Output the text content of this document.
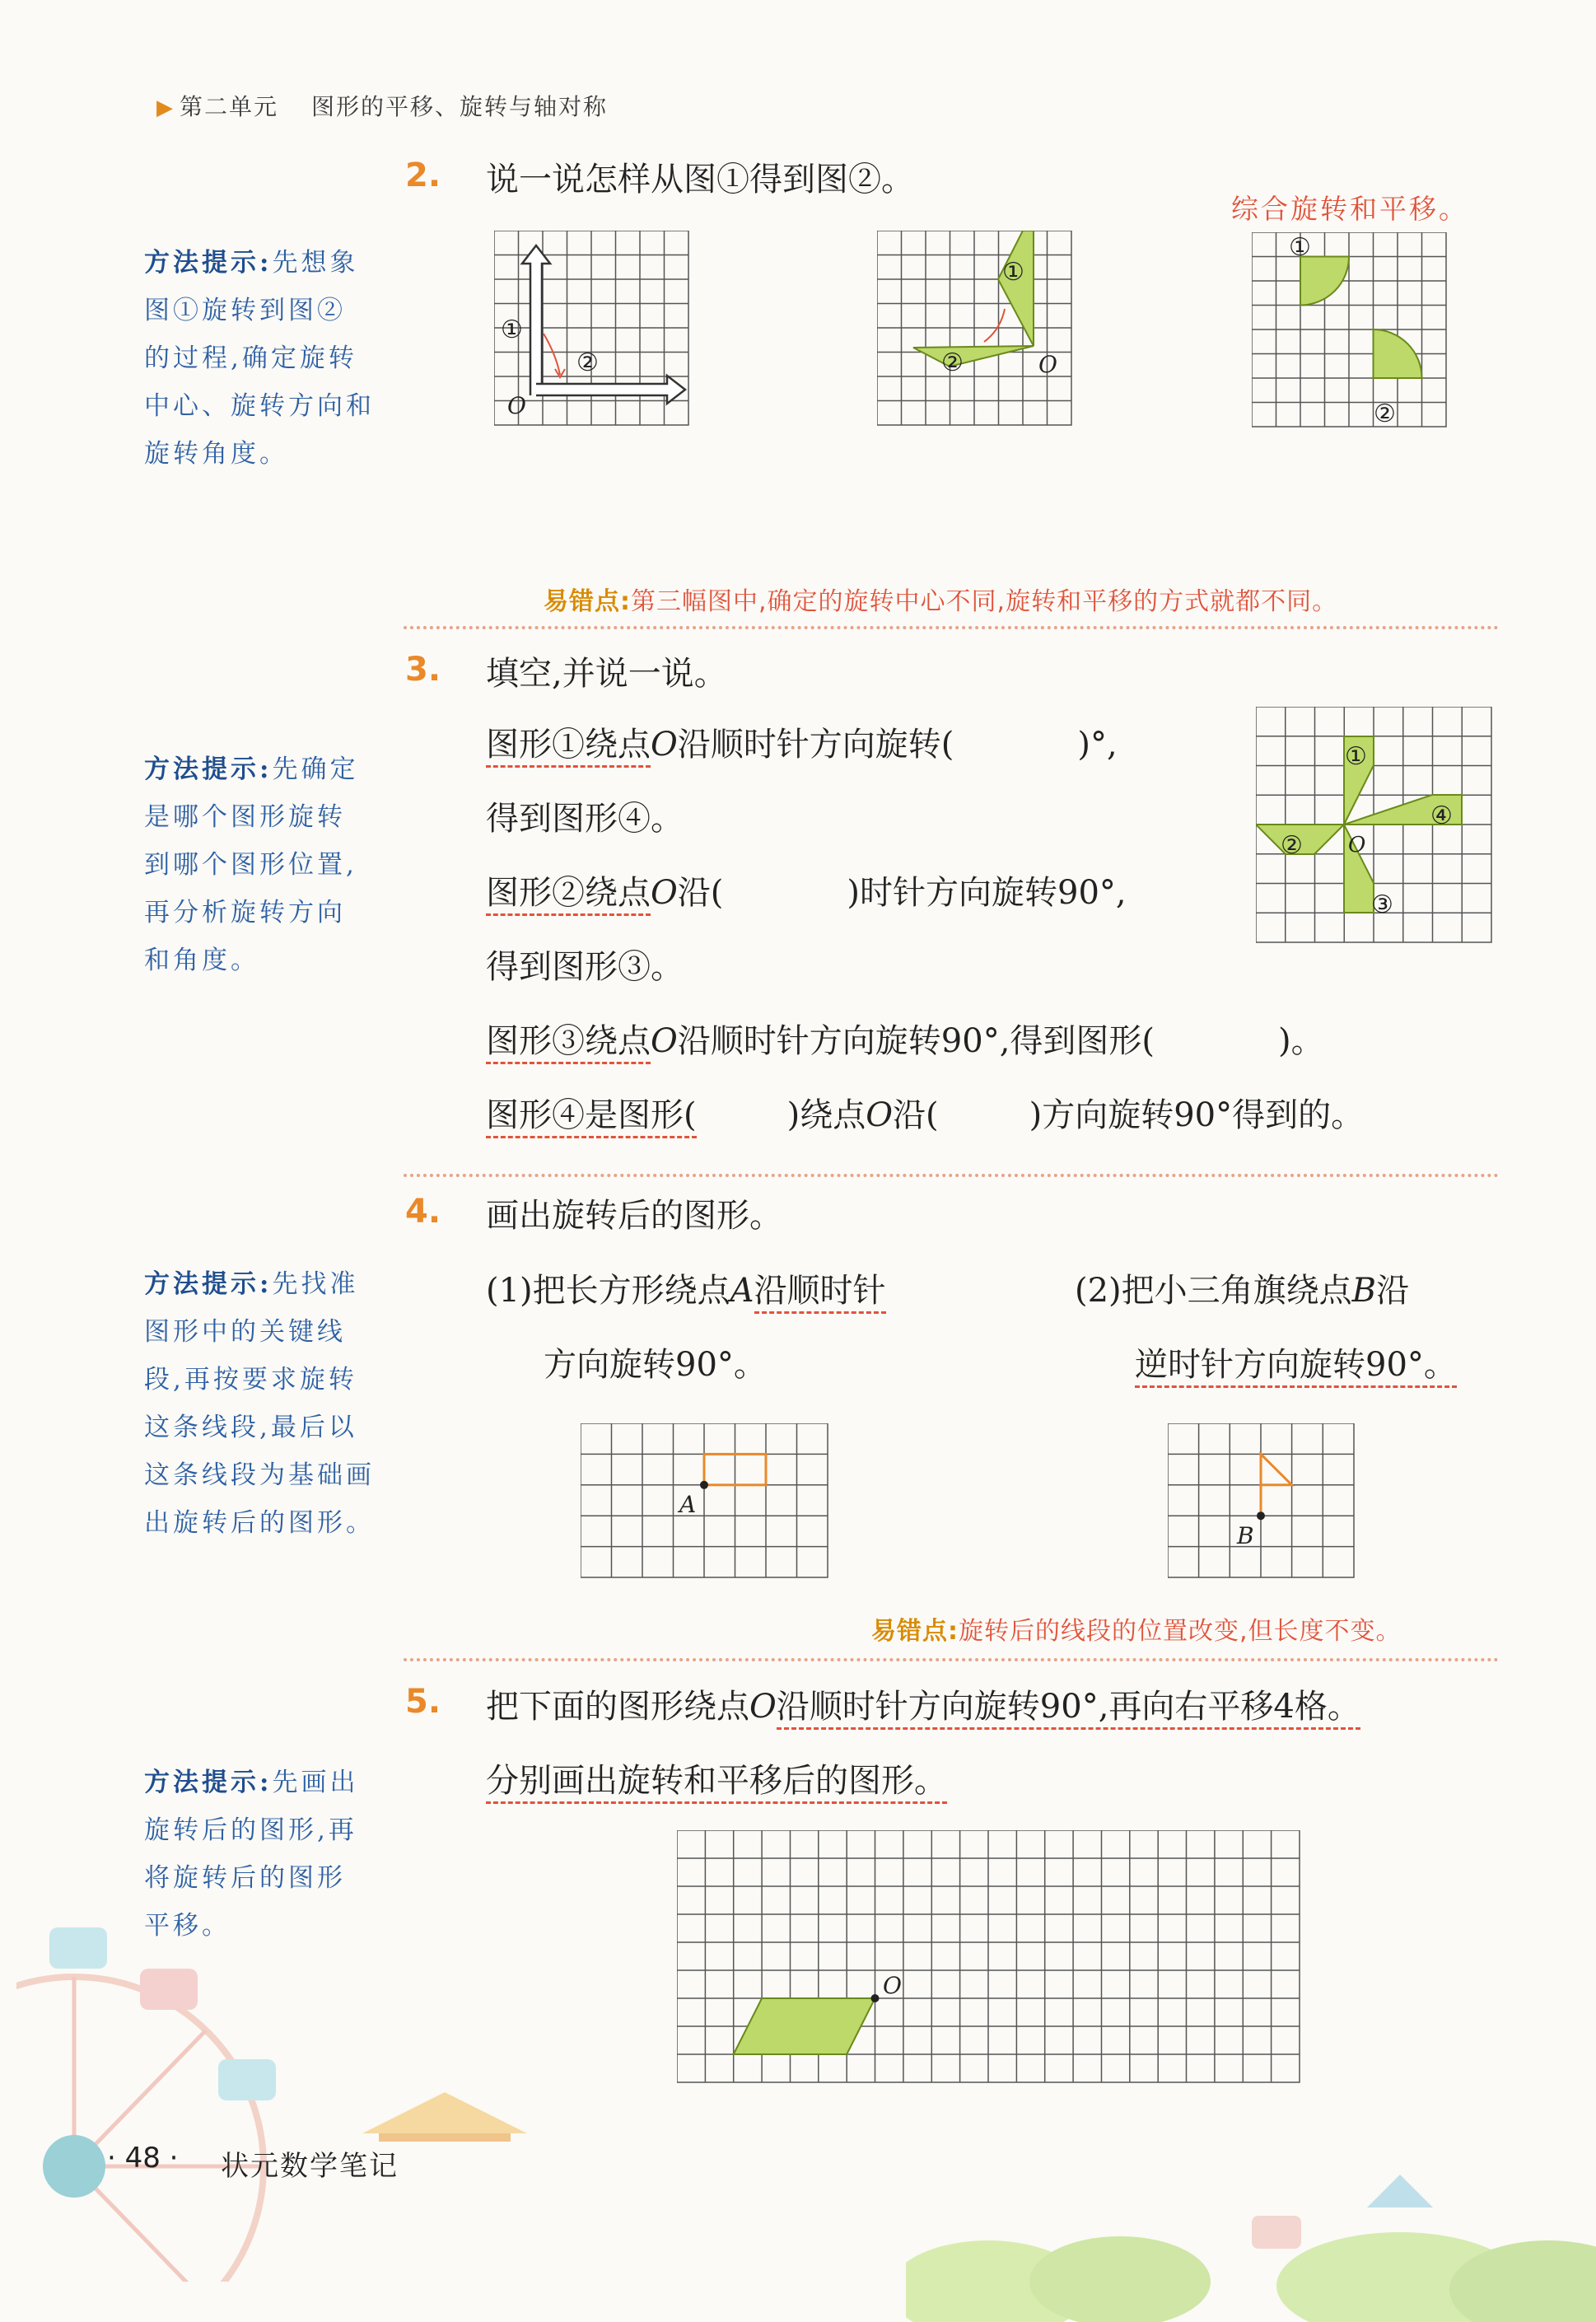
▶ 第二单元 图形的平移、旋转与轴对称
2. 说一说怎样从图①得到图②。
综合旋转和平移。
方法提示:先想象
图①旋转到图②
的过程,确定旋转
中心、旋转方向和
旋转角度。
①
②
O
①
②	O
①
②
易错点:第三幅图中,确定的旋转中心不同,旋转和平移的方式就都不同。
3. 填空,并说一说。
方法提示:先确定
是哪个图形旋转
到哪个图形位置,
再分析旋转方向
和角度。
图形①绕点O沿顺时针方向旋转(	)°,
得到图形④。
图形②绕点O沿(	)时针方向旋转90°,
得到图形③。
图形③绕点O沿顺时针方向旋转90°,得到图形(	)。
图形④是图形(	)绕点O沿(	)方向旋转90°得到的。
①
④
②
③
O
4. 画出旋转后的图形。
方法提示:先找准
图形中的关键线
段,再按要求旋转
这条线段,最后以
这条线段为基础画
出旋转后的图形。
(1)把长方形绕点A沿顺时针
方向旋转90°。
(2)把小三角旗绕点B沿
逆时针方向旋转90°。
A
B
易错点:旋转后的线段的位置改变,但长度不变。
5. 把下面的图形绕点O沿顺时针方向旋转90°,再向右平移4格。
分别画出旋转和平移后的图形。
方法提示:先画出
旋转后的图形,再
将旋转后的图形
平移。
O
· 48 · 状元数学笔记
